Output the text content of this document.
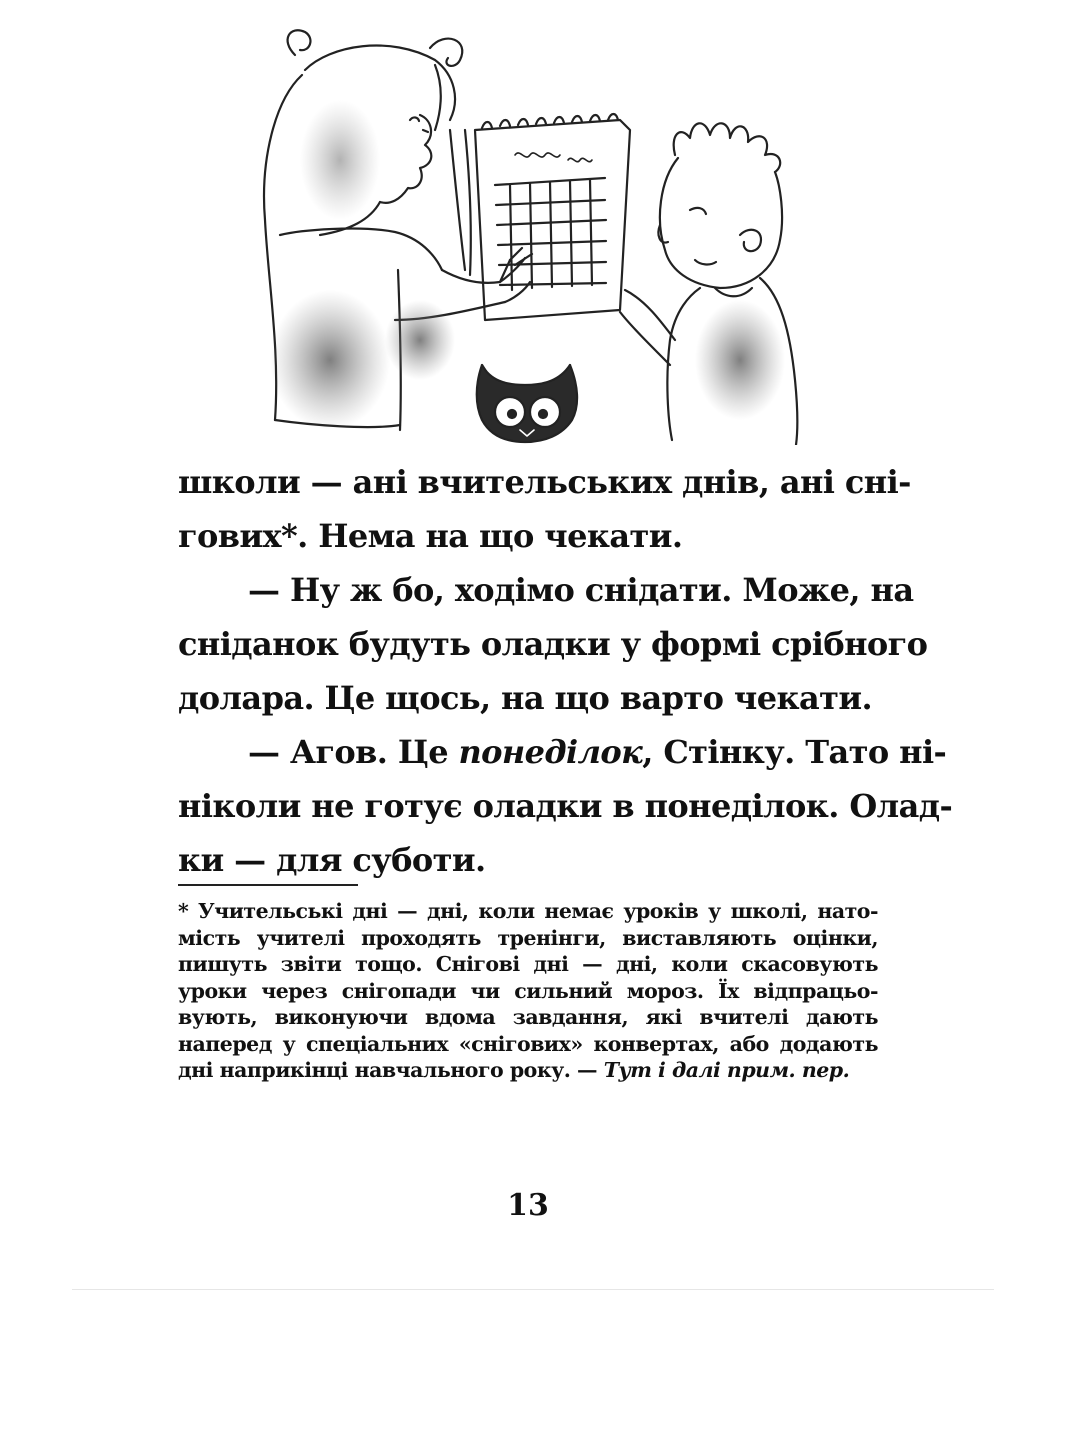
школи — ані вчительських днів, ані сні-
гових*. Нема на що чекати.
— Ну ж бо, ходімо снідати. Може, на
сніданок будуть оладки у формі срібного
долара. Це щось, на що варто чекати.
— Агов. Це понеділок, Стінку. Тато ні-
ніколи не готує оладки в понеділок. Олад-
ки — для суботи.
* Учительські дні — дні, коли немає уроків у школі, нато-
мість учителі проходять тренінги, виставляють оцінки,
пишуть звіти тощо. Снігові дні — дні, коли скасовують
уроки через снігопади чи сильний мороз. Їх відпрацьо-
вують, виконуючи вдома завдання, які вчителі дають
наперед у спеціальних «снігових» конвертах, або додають
дні наприкінці навчального року. — Тут і далі прим. пер.
13
